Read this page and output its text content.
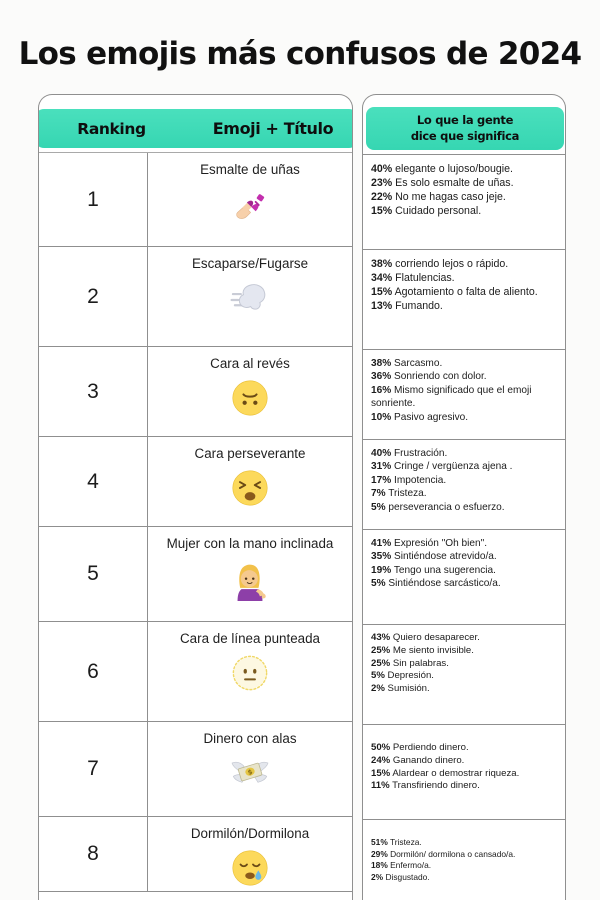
Los emojis más confusos de 2024
Ranking	Emoji + Título
1
Esmalte de uñas
2
Escaparse/Fugarse
3
Cara al revés
4
Cara perseverante
5
Mujer con la mano inclinada
6
Cara de línea punteada
7
Dinero con alas
$
8
Dormilón/Dormilona
Lo que la gente
dice que significa
40% elegante o lujoso/bougie.
23% Es solo esmalte de uñas.
22% No me hagas caso jeje.
15% Cuidado personal.
38% corriendo lejos o rápido.
34% Flatulencias.
15% Agotamiento o falta de aliento.
13% Fumando.
38% Sarcasmo.
36% Sonriendo con dolor.
16% Mismo significado que el emoji sonriente.
10% Pasivo agresivo.
40% Frustración.
31% Cringe / vergüenza ajena .
17% Impotencia.
7% Tristeza.
5% perseverancia o esfuerzo.
41% Expresión "Oh bien".
35% Sintiéndose atrevido/a.
19% Tengo una sugerencia.
5% Sintiéndose sarcástico/a.
43% Quiero desaparecer.
25% Me siento invisible.
25% Sin palabras.
5% Depresión.
2% Sumisión.
50% Perdiendo dinero.
24% Ganando dinero.
15% Alardear o demostrar riqueza.
11% Transfiriendo dinero.
51% Tristeza.
29% Dormilón/ dormilona o cansado/a.
18% Enfermo/a.
2% Disgustado.
